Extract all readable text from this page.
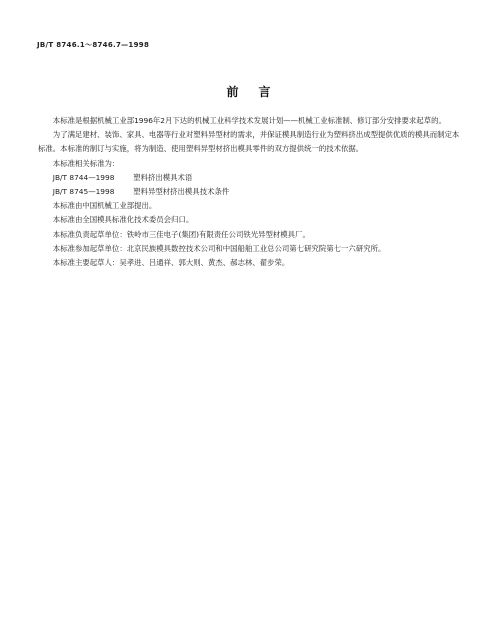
JB/T 8746.1～8746.7—1998
前言

本标准是根据机械工业部1996年2月下达的机械工业科学技术发展计划——机械工业标准制、修订部分安排要求起草的。

为了满足建材、装饰、家具、电器等行业对塑料异型材的需求，并保证模具制造行业为塑料挤出成型提供优质的模具而制定本标准。本标准的制订与实施，将为制造、使用塑料异型材挤出模具零件的双方提供统一的技术依据。

本标准相关标准为：

JB/T 8744—1998	塑料挤出模具术语

JB/T 8745—1998	塑料异型材挤出模具技术条件

本标准由中国机械工业部提出。

本标准由全国模具标准化技术委员会归口。

本标准负责起草单位：铁岭市三佳电子(集团)有限责任公司铁光异型材模具厂。

本标准参加起草单位：北京民族模具数控技术公司和中国船舶工业总公司第七研究院第七一六研究所。

本标准主要起草人：吴孝进、吕通祥、郭大则、黄杰、郝志林、翟步荣。
